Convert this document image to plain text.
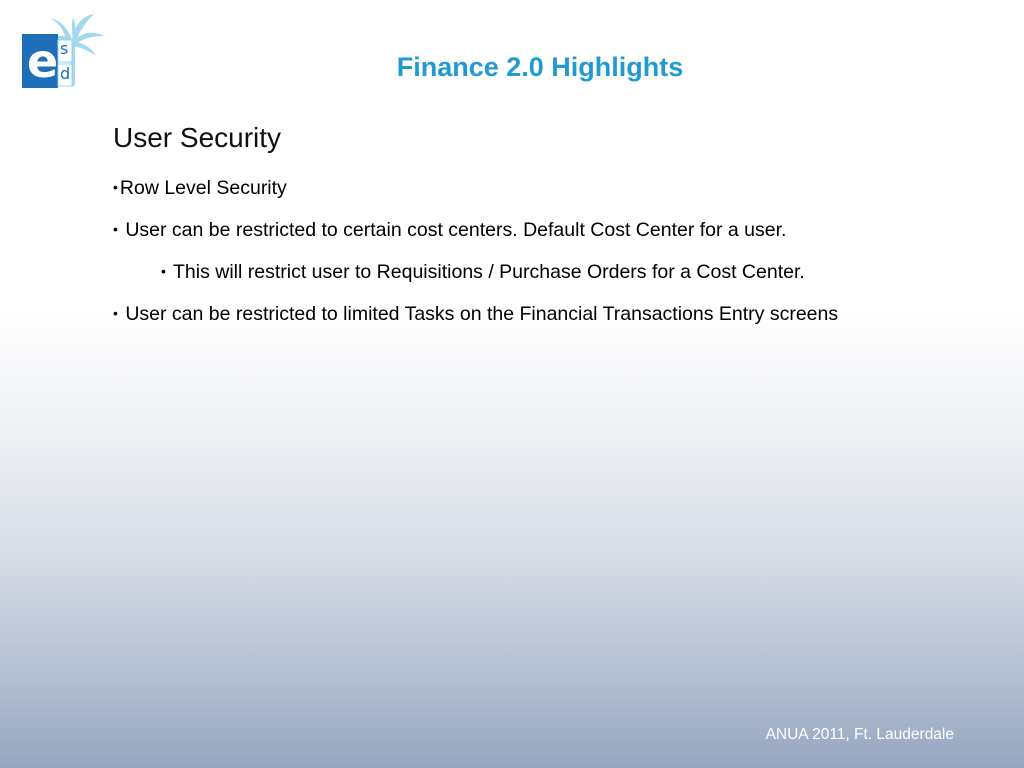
e s
d	Finance 2.0 Highlights
User Security

• Row Level Security

• User can be restricted to certain cost centers. Default Cost Center for a user.

• This will restrict user to Requisitions / Purchase Orders for a Cost Center.

• User can be restricted to limited Tasks on the Financial Transactions Entry screens

ANUA 2011, Ft. Lauderdale
